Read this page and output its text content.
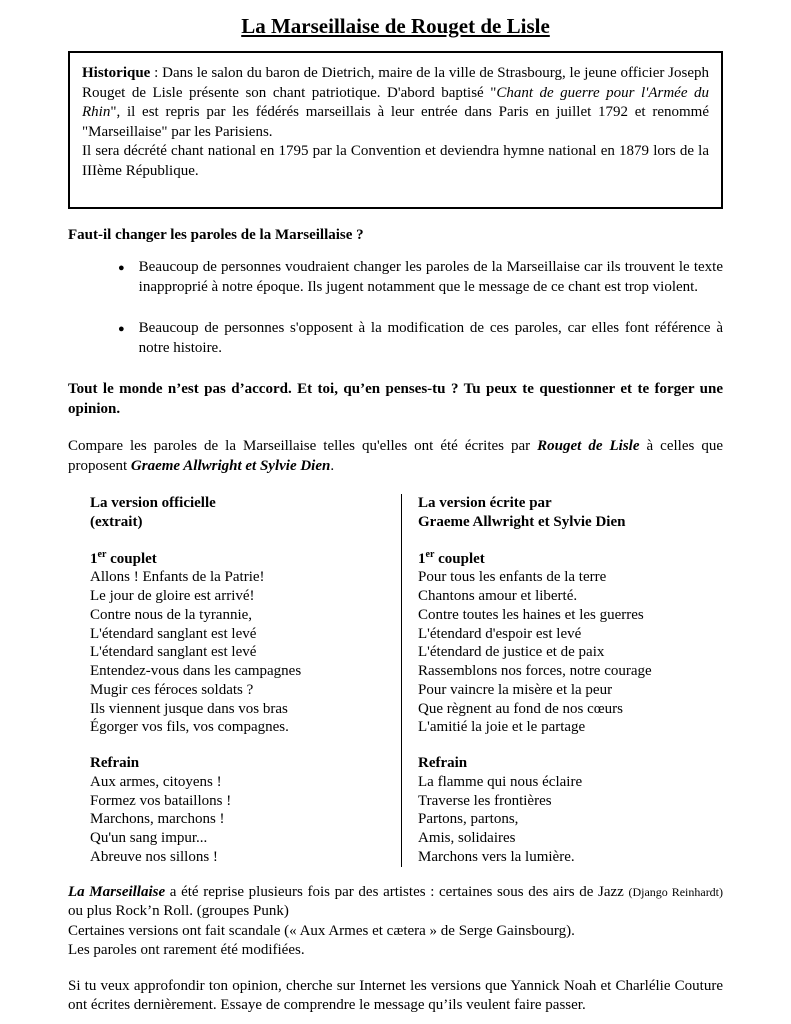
La Marseillaise de Rouget de Lisle

Historique : Dans le salon du baron de Dietrich, maire de la ville de Strasbourg, le jeune officier Joseph Rouget de Lisle présente son chant patriotique. D'abord baptisé "Chant de guerre pour l'Armée du Rhin", il est repris par les fédérés marseillais à leur entrée dans Paris en juillet 1792 et renommé "Marseillaise" par les Parisiens.

Il sera décrété chant national en 1795 par la Convention et deviendra hymne national en 1879 lors de la IIIème République.

Faut-il changer les paroles de la Marseillaise ?
● Beaucoup de personnes voudraient changer les paroles de la Marseillaise car ils trouvent le texte inapproprié à notre époque. Ils jugent notamment que le message de ce chant est trop violent.
● Beaucoup de personnes s'opposent à la modification de ces paroles, car elles font référence à notre histoire.

Tout le monde n’est pas d’accord. Et toi, qu’en penses-tu ? Tu peux te questionner et te forger une opinion.

Compare les paroles de la Marseillaise telles qu'elles ont été écrites par Rouget de Lisle à celles que proposent Graeme Allwright et Sylvie Dien.

La version officielle
(extrait)
1er couplet
Allons ! Enfants de la Patrie!
Le jour de gloire est arrivé!
Contre nous de la tyrannie,
L'étendard sanglant est levé
L'étendard sanglant est levé
Entendez-vous dans les campagnes
Mugir ces féroces soldats ?
Ils viennent jusque dans vos bras
Égorger vos fils, vos compagnes.
Refrain
Aux armes, citoyens !
Formez vos bataillons !
Marchons, marchons !
Qu'un sang impur...
Abreuve nos sillons !
La version écrite par
Graeme Allwright et Sylvie Dien
1er couplet
Pour tous les enfants de la terre
Chantons amour et liberté.
Contre toutes les haines et les guerres
L'étendard d'espoir est levé
L'étendard de justice et de paix
Rassemblons nos forces, notre courage
Pour vaincre la misère et la peur
Que règnent au fond de nos cœurs
L'amitié la joie et le partage
Refrain
La flamme qui nous éclaire
Traverse les frontières
Partons, partons,
Amis, solidaires
Marchons vers la lumière.

La Marseillaise a été reprise plusieurs fois par des artistes : certaines sous des airs de Jazz (Django Reinhardt) ou plus Rock’n Roll. (groupes Punk)
Certaines versions ont fait scandale (« Aux Armes et cætera » de Serge Gainsbourg).
Les paroles ont rarement été modifiées.

Si tu veux approfondir ton opinion, cherche sur Internet les versions que Yannick Noah et Charlélie Couture ont écrites dernièrement. Essaye de comprendre le message qu’ils veulent faire passer.
